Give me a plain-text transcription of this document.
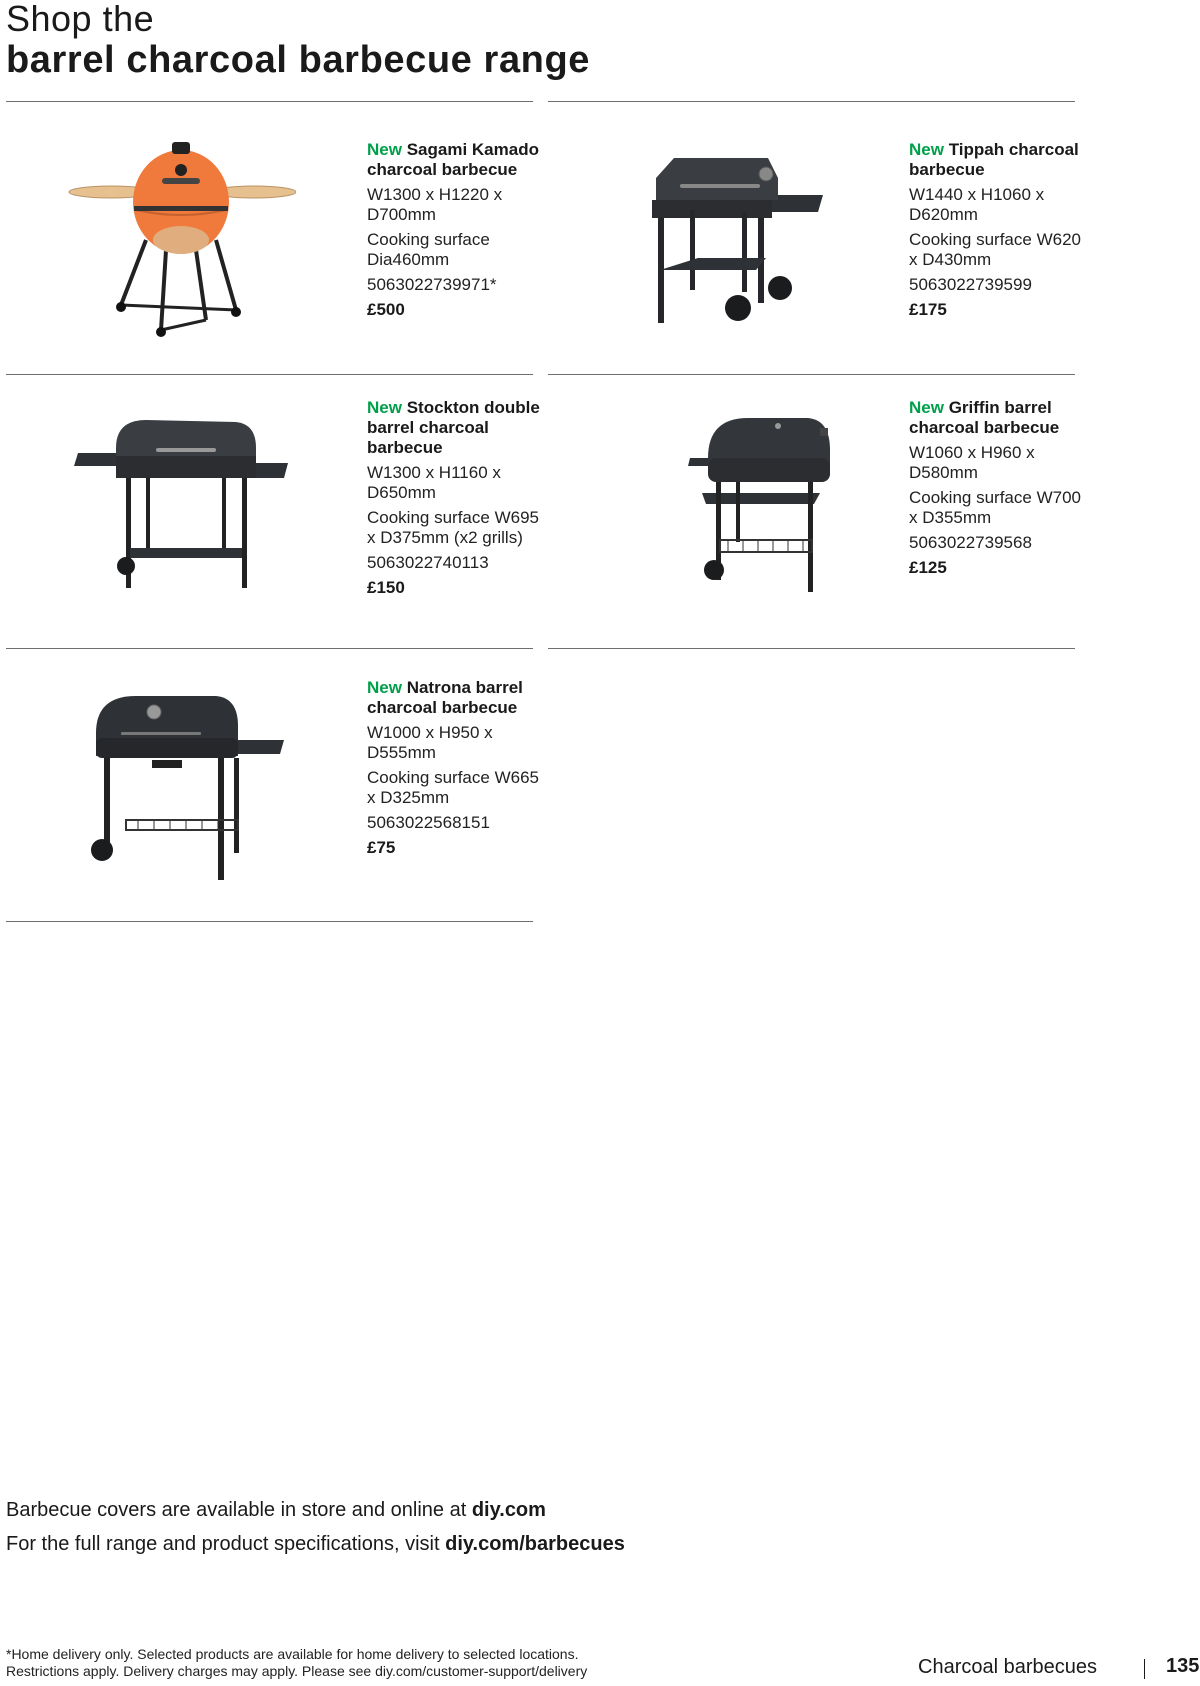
Shop the
barrel charcoal barbecue range
New Sagami Kamado charcoal barbecue
W1300 x H1220 x D700mm
Cooking surface Dia460mm
5063022739971*
£500
New Tippah charcoal barbecue
W1440 x H1060 x D620mm
Cooking surface W620 x D430mm
5063022739599
£175
New Stockton double barrel charcoal barbecue
W1300 x H1160 x D650mm
Cooking surface W695 x D375mm (x2 grills)
5063022740113
£150
New Griffin barrel charcoal barbecue
W1060 x H960 x D580mm
Cooking surface W700 x D355mm
5063022739568
£125
New Natrona barrel charcoal barbecue
W1000 x H950 x D555mm
Cooking surface W665 x D325mm
5063022568151
£75
Barbecue covers are available in store and online at diy.com
For the full range and product specifications, visit diy.com/barbecues
*Home delivery only. Selected products are available for home delivery to selected locations.
Restrictions apply. Delivery charges may apply. Please see diy.com/customer-support/delivery	Charcoal barbecues	135
